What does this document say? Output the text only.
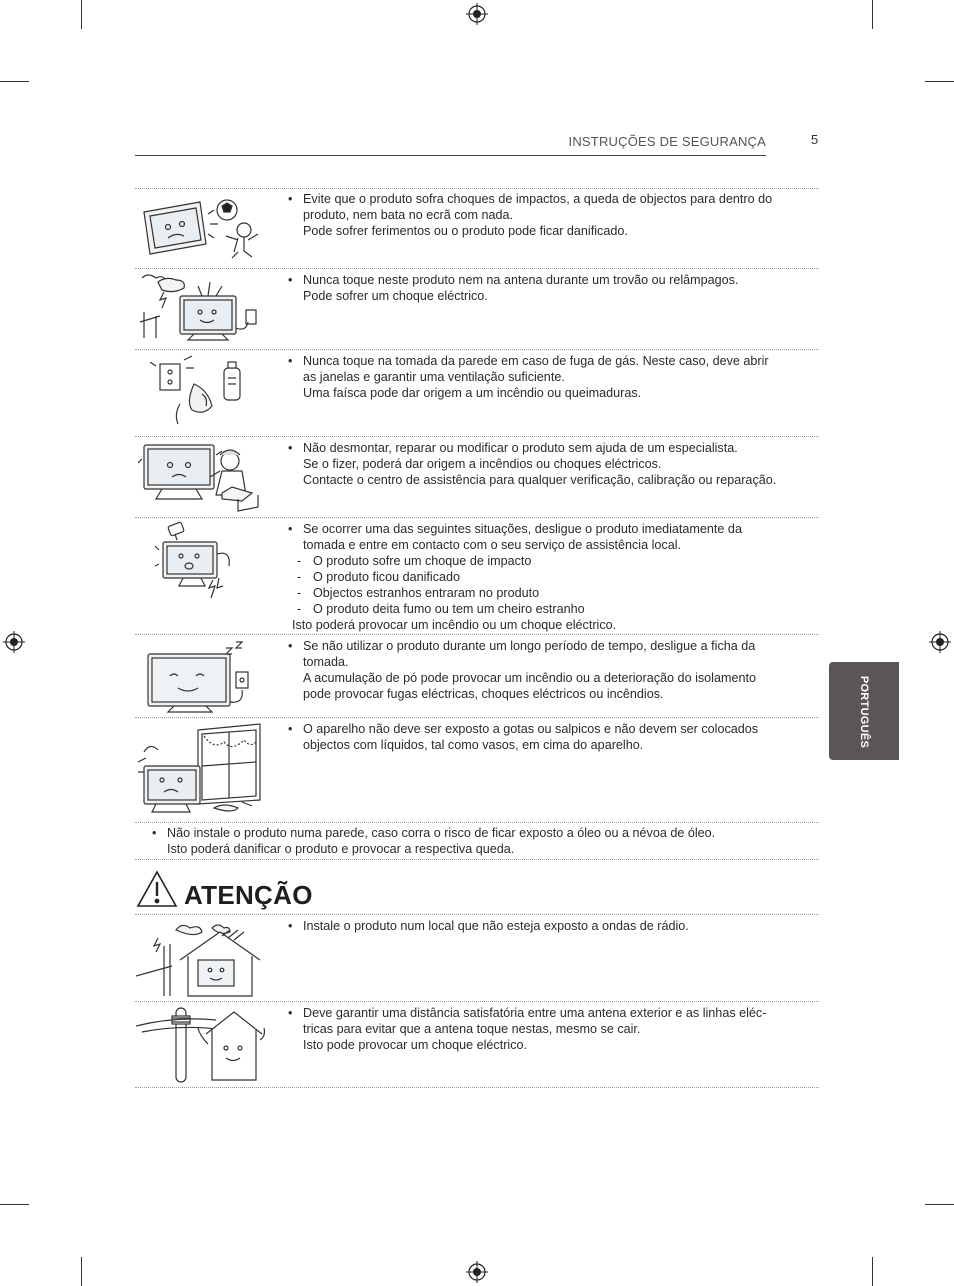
INSTRUÇÕES DE SEGURANÇA	5
PORTUGUÊS
• Evite que o produto sofra choques de impactos, a queda de objectos para dentro do
produto, nem bata no ecrã com nada.
Pode sofrer ferimentos ou o produto pode ficar danificado.
• Nunca toque neste produto nem na antena durante um trovão ou relâmpagos.
Pode sofrer um choque eléctrico.
• Nunca toque na tomada da parede em caso de fuga de gás. Neste caso, deve abrir
as janelas e garantir uma ventilação suficiente.
Uma faísca pode dar origem a um incêndio ou queimaduras.
• Não desmontar, reparar ou modificar o produto sem ajuda de um especialista.
Se o fizer, poderá dar origem a incêndios ou choques eléctricos.
Contacte o centro de assistência para qualquer verificação, calibração ou reparação.
• Se ocorrer uma das seguintes situações, desligue o produto imediatamente da
tomada e entre em contacto com o seu serviço de assistência local.
- O produto sofre um choque de impacto
- O produto ficou danificado
- Objectos estranhos entraram no produto
- O produto deita fumo ou tem um cheiro estranho
Isto poderá provocar um incêndio ou um choque eléctrico.
• Se não utilizar o produto durante um longo período de tempo, desligue a ficha da
tomada.
A acumulação de pó pode provocar um incêndio ou a deterioração do isolamento
pode provocar fugas eléctricas, choques eléctricos ou incêndios.
• O aparelho não deve ser exposto a gotas ou salpicos e não devem ser colocados
objectos com líquidos, tal como vasos, em cima do aparelho.
• Não instale o produto numa parede, caso corra o risco de ficar exposto a óleo ou a névoa de óleo.
Isto poderá danificar o produto e provocar a respectiva queda.
ATENÇÃO
• Instale o produto num local que não esteja exposto a ondas de rádio.
• Deve garantir uma distância satisfatória entre uma antena exterior e as linhas eléc-
tricas para evitar que a antena toque nestas, mesmo se cair.
Isto pode provocar um choque eléctrico.
